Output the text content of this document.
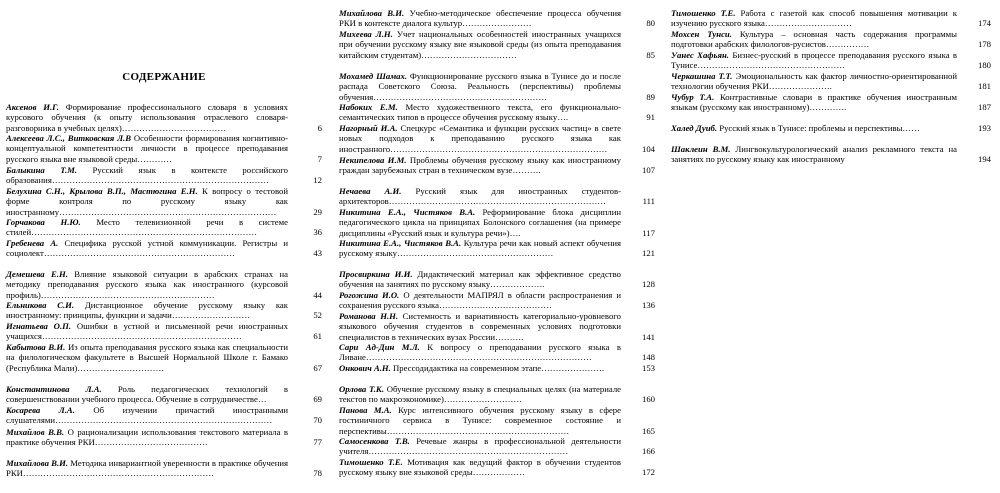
СОДЕРЖАНИЕ
Аксенов И.Г. Формирование профессионального словаря в условиях курсового обучения (к опыту использования отраслевого словаря-разговорника в учебных целях)………………………………	6
Алексеева Л.С., Витковская Л.В Особенности формирования когнитивно-концептуальной компетентности личности в процессе преподавания русского языка вне языковой среды…………	7
Балыкина Т.М. Русский язык в контексте российского образования…………………………………………………………………	12
Белухина С.Н., Крылова В.П., Мастюгина Е.Н. К вопросу о тестовой форме контроля по русскому языку как иностранному…………………………………………………………………	29
Горчакова Н.Ю. Место телевизионной речи в системе стилей……………………………………………………………………	36
Гребенева А. Специфика русской устной коммуникации. Регистры и социолект…………………………………………………………	43
Демешева Е.Н. Влияние языковой ситуации в арабских странах на методику преподавания русского языка как иностранного (курсовой профиль)……………………………………………………	44
Ельникова С.И. Дистанционное обучение русскому языку как иностранному: принципы, функции и задачи………………………	52
Игнатьева О.П. Ошибки в устной и письменной речи иностранных учащихся……………………………………………………………	61
Кабытова В.И. Из опыта преподавания русского языка как специальности на филологическом факультете в Высшей Нормальной Школе г. Бамако (Республика Мали)…………………………	67
Константинова Л.А. Роль педагогических технологий в совершенствовании учебного процесса. Обучение в сотрудничестве…	69
Косарева Л.А. Об изучении причастий иностранными слушателями…………………………………………………………………	70
Михайлов В.В. О рационализации использования текстового материала в практике обучения РКИ…………………………………	77
Михайлова В.И. Методика инвариантной уверенности в практике обучения РКИ…………………………………………………………	78
Михайлова В.И. Учебно-методическое обеспечение процесса обучения РКИ в контексте диалога культур……………………	80
Михеева Л.Н. Учет национальных особенностей иностранных учащихся при обучении русскому языку вне языковой среды (из опыта преподавания китайским студентам)……………………………	85
Мохамед Шамах. Функционирование русского языка в Тунисе до и после распада Советского Союза. Реальность (перспективы) проблемы обучения……………………………………………………	89
Набоких Е.М. Место художественного текста, его функционально-семантических типов в процессе обучения русскому языку….	91
Нагорный И.А. Спецкурс «Семантика и функции русских частиц» в свете новых подходов к преподаванию русского языка как иностранного…………………………………………………………………	104
Некипелова И.М. Проблемы обучения русскому языку как иностранному граждан зарубежных стран в техническом вузе……….	107
Нечаева А.И. Русский язык для иностранных студентов-архитекторов…………………………………………………………………	111
Никитина Е.А., Чистяков В.А. Реформирование блока дисциплин педагогического цикла на принципах Болонского соглашения (на примере дисциплины «Русский язык и культура речи»)….	117
Никитина Е.А., Чистяков В.А. Культура речи как новый аспект обучения русскому языку………………………………………………	121
Просвиркина И.И. Дидактический материал как эффективное средство обучения на занятиях по русскому языку……………….	128
Рогожина И.О. О деятельности МАПРЯЛ в области распространения и сохранения русского языка…………………………………	136
Романова Н.Н. Системность и вариативность категориально-уровневого языкового обучения студентов в современных условиях подготовки специалистов в технических вузах России……….	141
Сари Ад-Дин М.Л. К вопросу о преподавании русского языка в Ливане……………………………………………………………………	148
Онкович А.Н. Прессодидактика на современном этапе………………….	153
Орлова Т.К. Обучение русскому языку в специальных целях (на материале текстов по макроэкономике)………………………	160
Панова М.А. Курс интенсивного обучения русскому языку в сфере гостиничного сервиса в Тунисе: современное состояние и перспективы………………………………………………………	165
Самосенкова Т.В. Речевые жанры в профессиональной деятельности учителя……………………………………………………………	166
Тимошенко Т.Е. Мотивация как ведущий фактор в обучении студентов русскому языку вне языковой среды………………	172
Тимошенко Т.Е. Работа с газетой как способ повышения мотивации к изучению русского языка…………………………	174
Мохсен Тунси. Культура – основная часть содержания программы подготовки арабских филологов-русистов……………	178
Уанес Хафьян. Бизнес-русский в процессе преподавания русского языка в Тунисе……………………………………………	180
Черкашина Т.Т. Эмоциональность как фактор личностно-ориентированной технологии обучения РКИ………………….	181
Чубур Т.А. Контрастивные словари в практике обучения иностранным языкам (русскому как иностранному)………….	187
Халед Дуиб. Русский язык в Тунисе: проблемы и перспективы……	193
Шаклеин В.М. Лингвокультурологический анализ рекламного текста на занятиях по русскому языку как иностранному	194
